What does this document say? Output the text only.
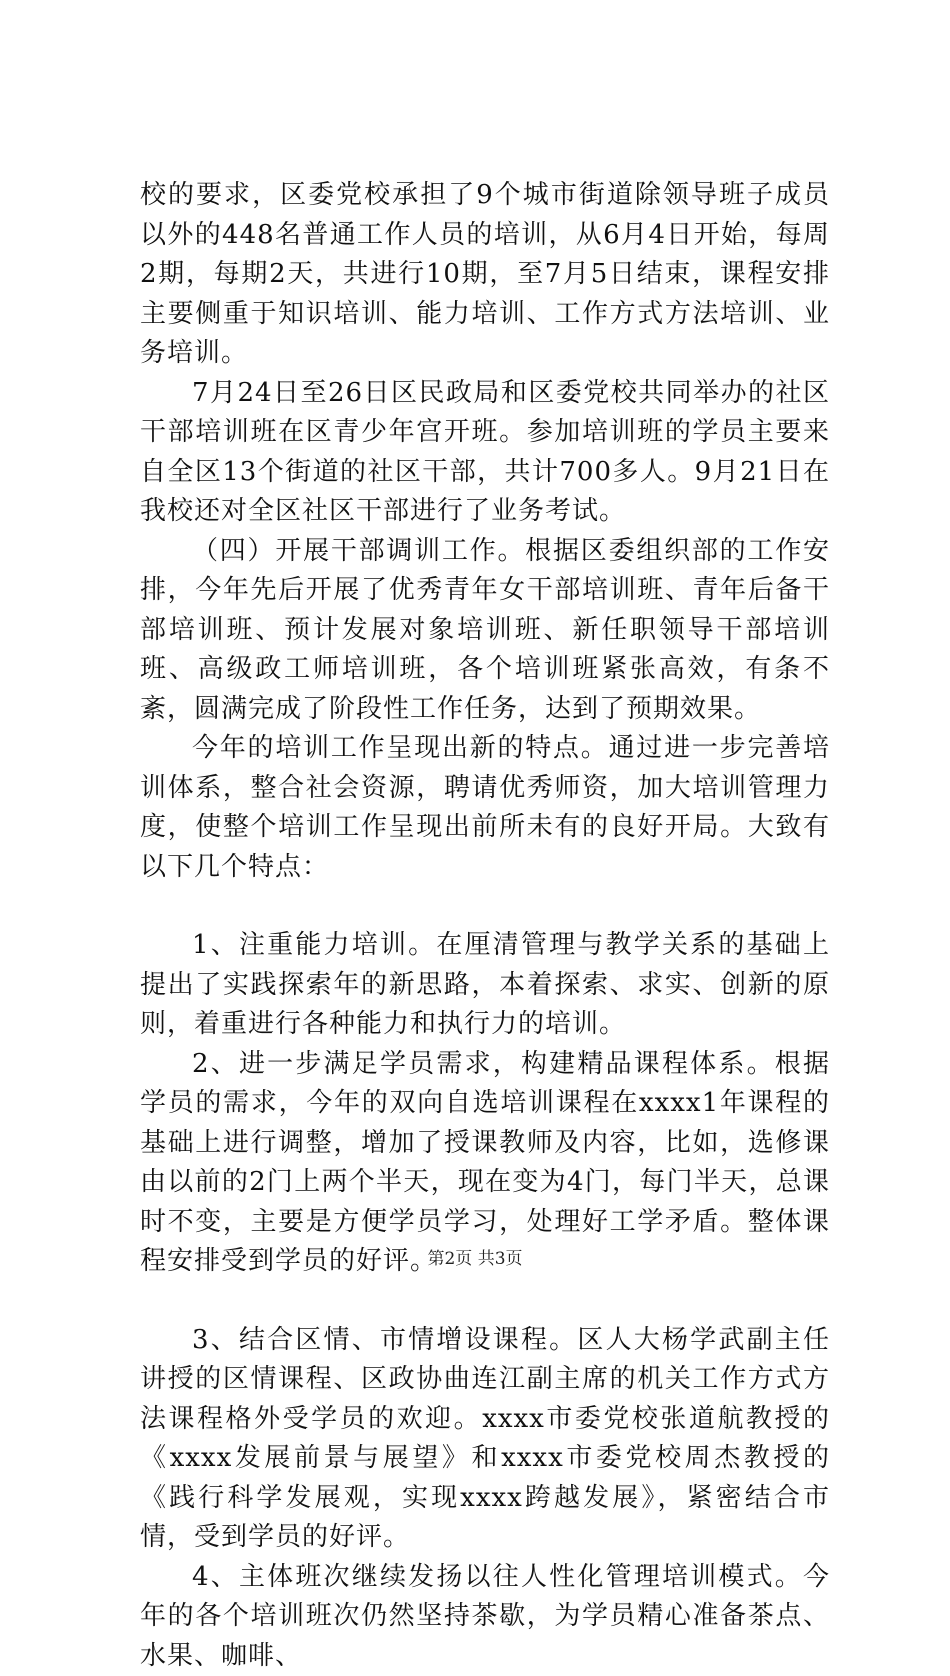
校的要求，区委党校承担了9个城市街道除领导班子成员以外的448名普通工作人员的培训，从6月4日开始，每周2期，每期2天，共进行10期，至7月5日结束，课程安排主要侧重于知识培训、能力培训、工作方式方法培训、业务培训。

7月24日至26日区民政局和区委党校共同举办的社区干部培训班在区青少年宫开班。参加培训班的学员主要来自全区13个街道的社区干部，共计700多人。9月21日在我校还对全区社区干部进行了业务考试。

（四）开展干部调训工作。根据区委组织部的工作安排，今年先后开展了优秀青年女干部培训班、青年后备干部培训班、预计发展对象培训班、新任职领导干部培训班、高级政工师培训班，各个培训班紧张高效，有条不紊，圆满完成了阶段性工作任务，达到了预期效果。

今年的培训工作呈现出新的特点。通过进一步完善培训体系，整合社会资源，聘请优秀师资，加大培训管理力度，使整个培训工作呈现出前所未有的良好开局。大致有以下几个特点：

1、注重能力培训。在厘清管理与教学关系的基础上提出了实践探索年的新思路，本着探索、求实、创新的原则，着重进行各种能力和执行力的培训。

2、进一步满足学员需求，构建精品课程体系。根据学员的需求，今年的双向自选培训课程在xxxx1年课程的基础上进行调整，增加了授课教师及内容，比如，选修课由以前的2门上两个半天，现在变为4门，每门半天，总课时不变，主要是方便学员学习，处理好工学矛盾。整体课程安排受到学员的好评。

3、结合区情、市情增设课程。区人大杨学武副主任讲授的区情课程、区政协曲连江副主席的机关工作方式方法课程格外受学员的欢迎。xxxx市委党校张道航教授的《xxxx发展前景与展望》和xxxx市委党校周杰教授的《践行科学发展观，实现xxxx跨越发展》，紧密结合市情，受到学员的好评。

4、主体班次继续发扬以往人性化管理培训模式。今年的各个培训班次仍然坚持茶歇，为学员精心准备茶点、水果、咖啡、

第2页 共3页
